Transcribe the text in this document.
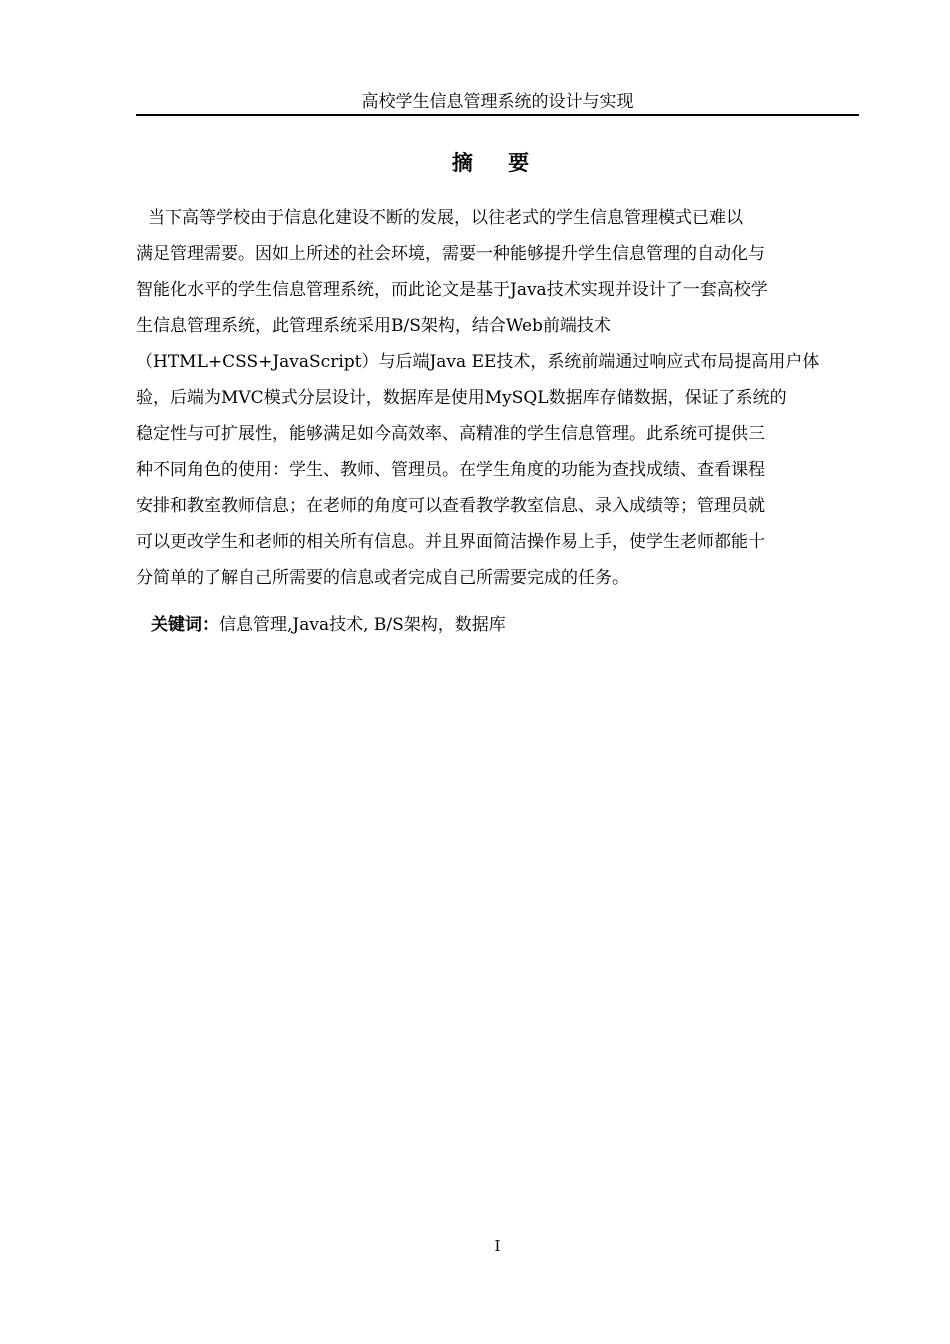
高校学生信息管理系统的设计与实现
摘 要
当下高等学校由于信息化建设不断的发展，以往老式的学生信息管理模式已难以
满足管理需要。因如上所述的社会环境，需要一种能够提升学生信息管理的自动化与
智能化水平的学生信息管理系统，而此论文是基于Java技术实现并设计了一套高校学
生信息管理系统，此管理系统采用B/S架构，结合Web前端技术
（HTML+CSS+JavaScript）与后端Java EE技术，系统前端通过响应式布局提高用户体
验，后端为MVC模式分层设计，数据库是使用MySQL数据库存储数据，保证了系统的
稳定性与可扩展性，能够满足如今高效率、高精准的学生信息管理。此系统可提供三
种不同角色的使用：学生、教师、管理员。在学生角度的功能为查找成绩、查看课程
安排和教室教师信息；在老师的角度可以查看教学教室信息、录入成绩等；管理员就
可以更改学生和老师的相关所有信息。并且界面简洁操作易上手，使学生老师都能十
分简单的了解自己所需要的信息或者完成自己所需要完成的任务。
关键词：信息管理,Java技术, B/S架构，数据库
I
